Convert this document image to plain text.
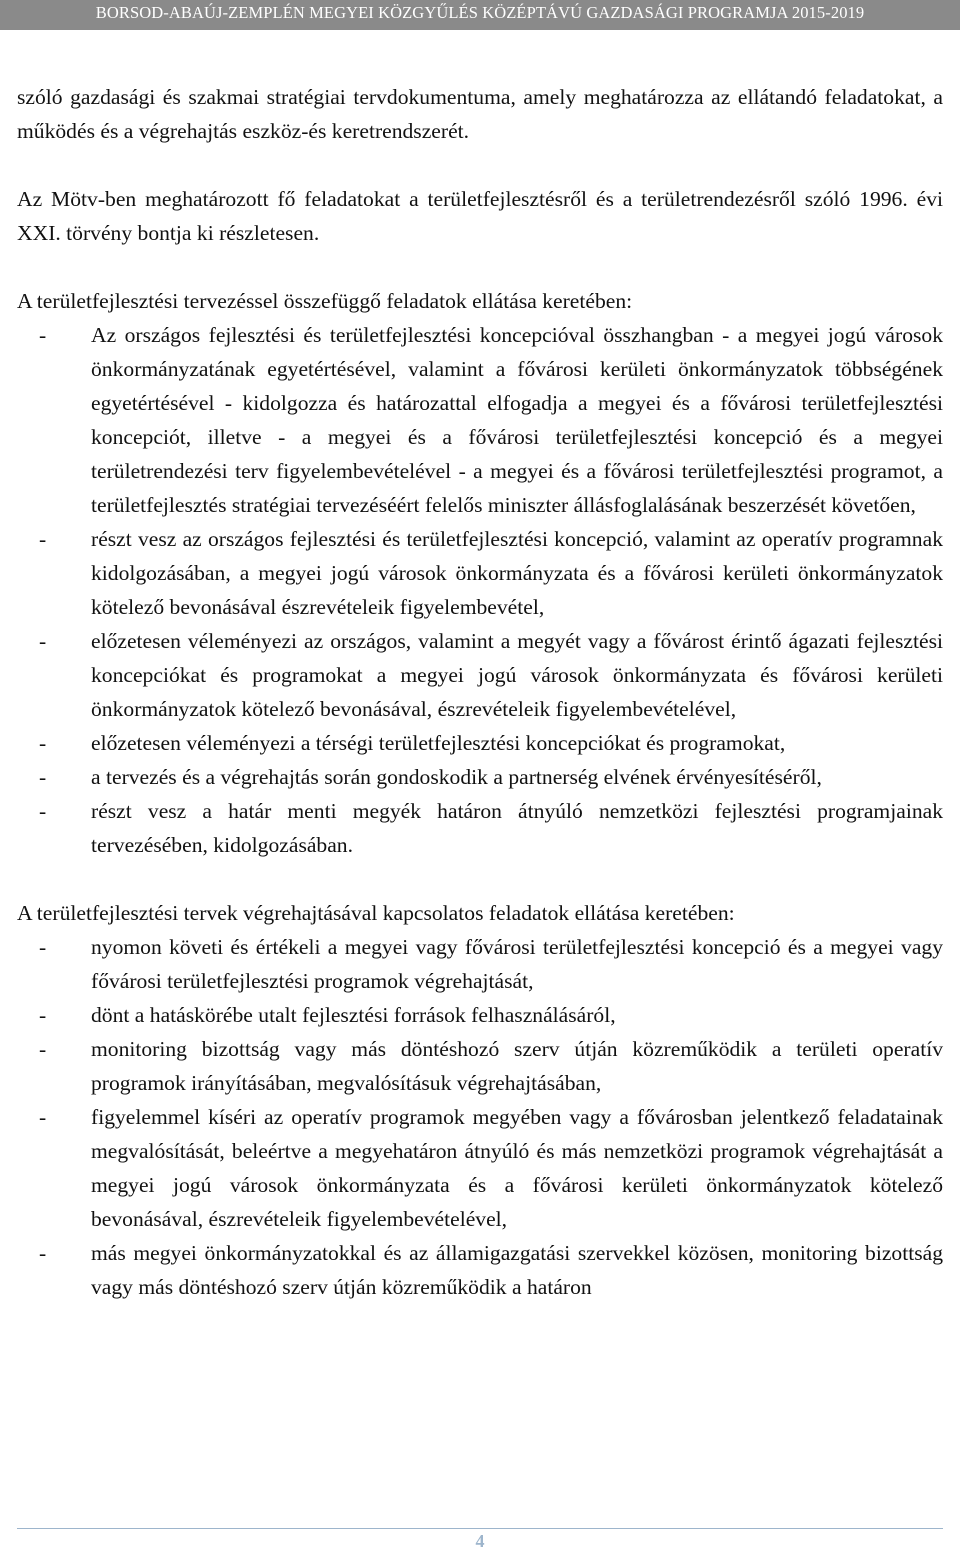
BORSOD-ABAÚJ-ZEMPLÉN MEGYEI KÖZGYŰLÉS KÖZÉPTÁVÚ GAZDASÁGI PROGRAMJA 2015-2019

szóló gazdasági és szakmai stratégiai tervdokumentuma, amely meghatározza az ellátandó feladatokat, a működés és a végrehajtás eszköz-és keretrendszerét.

Az Mötv-ben meghatározott fő feladatokat a területfejlesztésről és a területrendezésről szóló 1996. évi XXI. törvény bontja ki részletesen.

A területfejlesztési tervezéssel összefüggő feladatok ellátása keretében:

- Az országos fejlesztési és területfejlesztési koncepcióval összhangban - a megyei jogú városok önkormányzatának egyetértésével, valamint a fővárosi kerületi önkormányzatok többségének egyetértésével - kidolgozza és határozattal elfogadja a megyei és a fővárosi területfejlesztési koncepciót, illetve - a megyei és a fővárosi területfejlesztési koncepció és a megyei területrendezési terv figyelembevételével - a megyei és a fővárosi területfejlesztési programot, a területfejlesztés stratégiai tervezéséért felelős miniszter állásfoglalásának beszerzését követően,
- részt vesz az országos fejlesztési és területfejlesztési koncepció, valamint az operatív programnak kidolgozásában, a megyei jogú városok önkormányzata és a fővárosi kerületi önkormányzatok kötelező bevonásával észrevételeik figyelembevétel,
- előzetesen véleményezi az országos, valamint a megyét vagy a fővárost érintő ágazati fejlesztési koncepciókat és programokat a megyei jogú városok önkormányzata és fővárosi kerületi önkormányzatok kötelező bevonásával, észrevételeik figyelembevételével,
- előzetesen véleményezi a térségi területfejlesztési koncepciókat és programokat,
- a tervezés és a végrehajtás során gondoskodik a partnerség elvének érvényesítéséről,
- részt vesz a határ menti megyék határon átnyúló nemzetközi fejlesztési programjainak tervezésében, kidolgozásában.

A területfejlesztési tervek végrehajtásával kapcsolatos feladatok ellátása keretében:

- nyomon követi és értékeli a megyei vagy fővárosi területfejlesztési koncepció és a megyei vagy fővárosi területfejlesztési programok végrehajtását,
- dönt a hatáskörébe utalt fejlesztési források felhasználásáról,
- monitoring bizottság vagy más döntéshozó szerv útján közreműködik a területi operatív programok irányításában, megvalósításuk végrehajtásában,
- figyelemmel kíséri az operatív programok megyében vagy a fővárosban jelentkező feladatainak megvalósítását, beleértve a megyehatáron átnyúló és más nemzetközi programok végrehajtását a megyei jogú városok önkormányzata és a fővárosi kerületi önkormányzatok kötelező bevonásával, észrevételeik figyelembevételével,
- más megyei önkormányzatokkal és az államigazgatási szervekkel közösen, monitoring bizottság vagy más döntéshozó szerv útján közreműködik a határon
4
